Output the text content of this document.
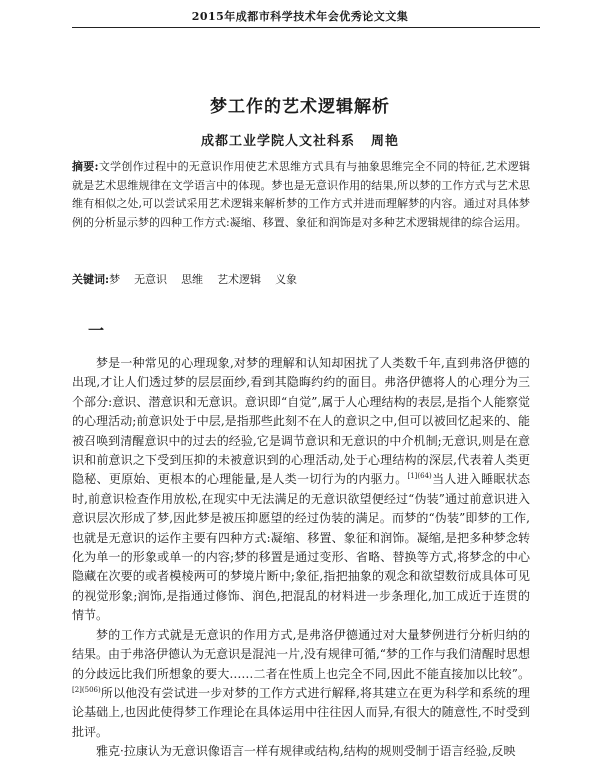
2015年成都市科学技术年会优秀论文文集
梦工作的艺术逻辑解析
成都工业学院人文社科系 周艳
摘要:文学创作过程中的无意识作用使艺术思维方式具有与抽象思维完全不同的特征,艺术逻辑就是艺术思维规律在文学语言中的体现。梦也是无意识作用的结果,所以梦的工作方式与艺术思维有相似之处,可以尝试采用艺术逻辑来解析梦的工作方式并进而理解梦的内容。通过对具体梦例的分析显示梦的四种工作方式:凝缩、移置、象征和润饰是对多种艺术逻辑规律的综合运用。
关键词:梦 无意识 思维 艺术逻辑 义象
一

梦是一种常见的心理现象,对梦的理解和认知却困扰了人类数千年,直到弗洛伊德的出现,才让人们透过梦的层层面纱,看到其隐晦约约的面目。弗洛伊德将人的心理分为三个部分:意识、潜意识和无意识。意识即“自觉”,属于人心理结构的表层,是指个人能察觉的心理活动;前意识处于中层,是指那些此刻不在人的意识之中,但可以被回忆起来的、能被召唤到清醒意识中的过去的经验,它是调节意识和无意识的中介机制;无意识,则是在意识和前意识之下受到压抑的未被意识到的心理活动,处于心理结构的深层,代表着人类更隐秘、更原始、更根本的心理能量,是人类一切行为的内驱力。$^{[1](64)}$当人进入睡眠状态时,前意识检查作用放松,在现实中无法满足的无意识欲望便经过“伪装”通过前意识进入意识层次形成了梦,因此梦是被压抑愿望的经过伪装的满足。而梦的“伪装”即梦的工作,也就是无意识的运作主要有四种方式:凝缩、移置、象征和润饰。凝缩,是把多种梦念转化为单一的形象或单一的内容;梦的移置是通过变形、省略、替换等方式,将梦念的中心隐藏在次要的或者模棱两可的梦境片断中;象征,指把抽象的观念和欲望数衍成具体可见的视觉形象;润饰,是指通过修饰、润色,把混乱的材料进一步条理化,加工成近于连贯的情节。

梦的工作方式就是无意识的作用方式,是弗洛伊德通过对大量梦例进行分析归纳的结果。由于弗洛伊德认为无意识是混沌一片,没有规律可循,“梦的工作与我们清醒时思想的分歧远比我们所想象的要大……二者在性质上也完全不同,因此不能直接加以比较”。$^{[2](506)}$所以他没有尝试进一步对梦的工作方式进行解释,将其建立在更为科学和系统的理论基础上,也因此使得梦工作理论在具体运用中往往因人而异,有很大的随意性,不时受到批评。

雅克·拉康认为无意识像语言一样有规律或结构,结构的规则受制于语言经验,反映
